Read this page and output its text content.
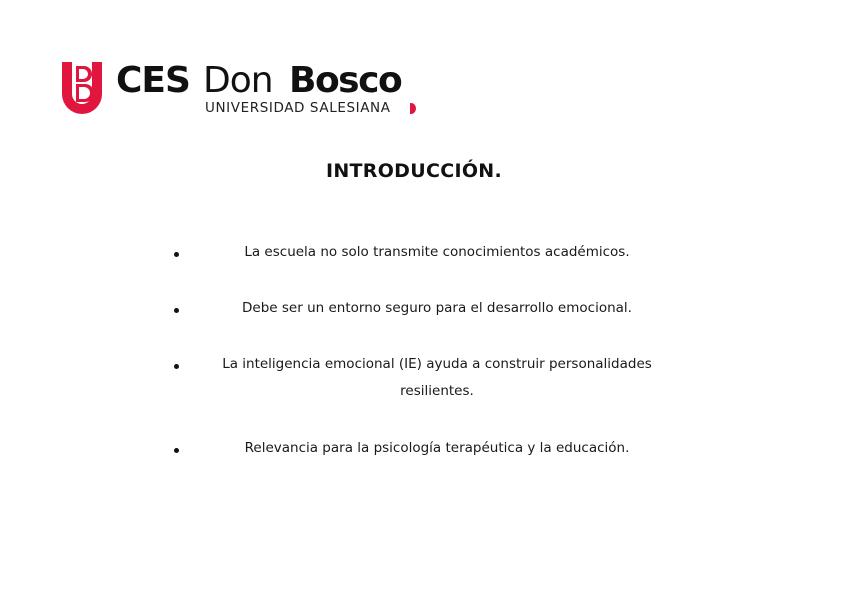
CES Don Bosco
UNIVERSIDAD SALESIANA
INTRODUCCIÓN.
La escuela no solo transmite conocimientos académicos.
Debe ser un entorno seguro para el desarrollo emocional.
La inteligencia emocional (IE) ayuda a construir personalidades resilientes.
Relevancia para la psicología terapéutica y la educación.
